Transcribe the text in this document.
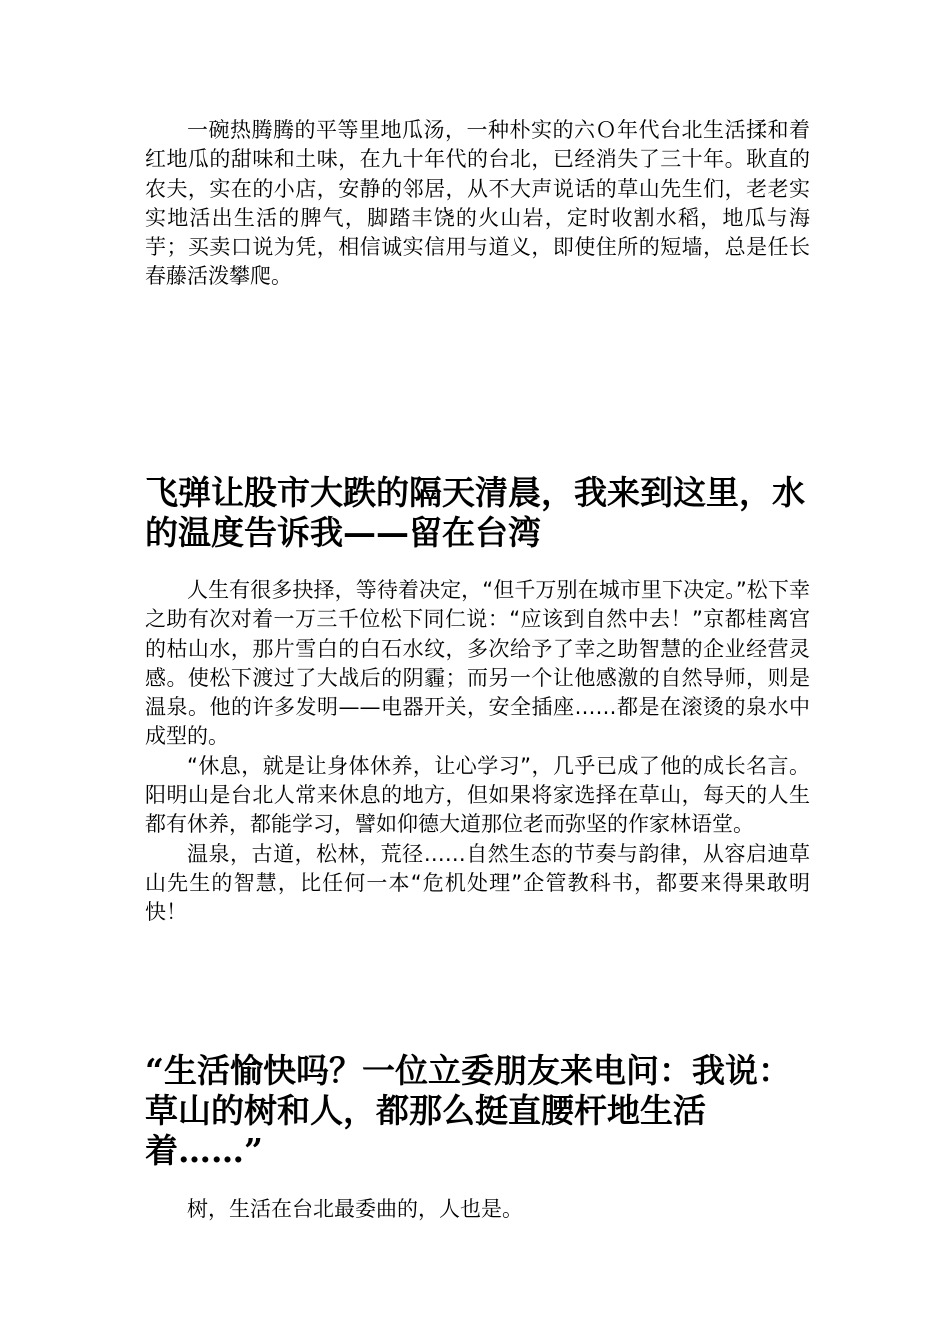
一碗热腾腾的平等里地瓜汤，一种朴实的六Ｏ年代台北生活揉和着红地瓜的甜味和土味，在九十年代的台北，已经消失了三十年。耿直的农夫，实在的小店，安静的邻居，从不大声说话的草山先生们，老老实实地活出生活的脾气，脚踏丰饶的火山岩，定时收割水稻，地瓜与海芋；买卖口说为凭，相信诚实信用与道义，即使住所的短墙，总是任长春藤活泼攀爬。

飞弹让股市大跌的隔天清晨，我来到这里，水的温度告诉我——留在台湾

人生有很多抉择，等待着决定，“但千万别在城市里下决定。”松下幸之助有次对着一万三千位松下同仁说：“应该到自然中去！”京都桂离宫的枯山水，那片雪白的白石水纹，多次给予了幸之助智慧的企业经营灵感。使松下渡过了大战后的阴霾；而另一个让他感激的自然导师，则是温泉。他的许多发明——电器开关，安全插座……都是在滚烫的泉水中成型的。

“休息，就是让身体休养，让心学习”，几乎已成了他的成长名言。阳明山是台北人常来休息的地方，但如果将家选择在草山，每天的人生都有休养，都能学习，譬如仰德大道那位老而弥坚的作家林语堂。

温泉，古道，松林，荒径……自然生态的节奏与韵律，从容启迪草山先生的智慧，比任何一本“危机处理”企管教科书，都要来得果敢明快！

“生活愉快吗？一位立委朋友来电问：我说：草山的树和人，都那么挺直腰杆地生活着……”

树，生活在台北最委曲的，人也是。
